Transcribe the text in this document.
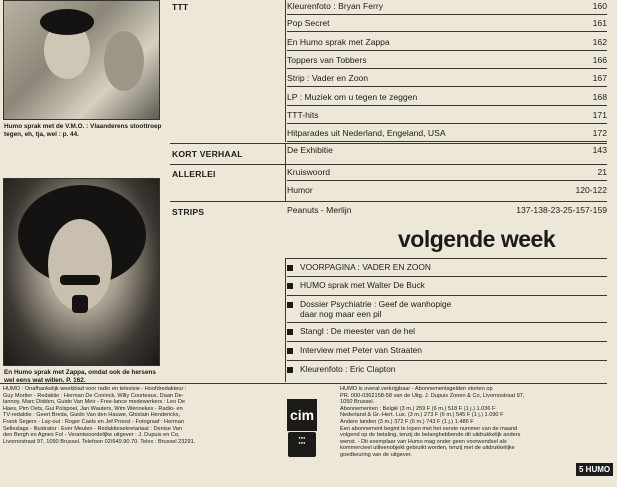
Humo sprak met de V.M.O. : Vlaanderens stoottroep tegen, eh, tja, wel : p. 44.
En Humo sprak met Zappa, omdat ook de hersens wel eens wat willen. P. 162.
TTT	Kleurenfoto : Bryan Ferry	160
Pop Secret	161
En Humo sprak met Zappa	162
Toppers van Tobbers	166
Strip : Vader en Zoon	167
LP : Muziek om u tegen te zeggen	168
TTT-hits	171
Hitparades uit Nederland, Engeland, USA	172
KORT VERHAAL	De Exhibitie	143
ALLERLEI	Kruiswoord	21
Humor	120-122
STRIPS	Peanuts - Merlijn	137-138-23-25-157-159
volgende week
VOORPAGINA : VADER EN ZOON
HUMO sprak met Walter De Buck
Dossier Psychiatrie : Geef de wanhopige
daar nog maar een pil
Stangl : De meester van de hel
Interview met Peter van Straaten
Kleurenfoto : Eric Clapton
HUMO : Onafhankelijk weekblad voor radio en televisie - Hoofdredakteur :
Guy Mortier - Redaktie : Herman De Coninck, Willy Courteaux, Daan De-
lannoy, Marc Didden, Guido Van Meir - Free-lance medewerkers : Leo De
Haes, Pim Oets, Gui Polspoel, Jan Wauters, Wim Wennekes - Radio- en
TV-redaktie : Geert Breda, Guido Van den Hauwe, Ghislain Henderickx,
Frank Segers - Lay-out : Roger Caels en Jef Proost - Fotograaf : Herman
Selleslags - Illustrator : Ever Meulen - Redaktiesekretariaat : Denise Van
den Bergh en Agnes Fol - Verantwoordelijke uitgever : J. Dupuis en Co,
Livornostraat 97, 1050 Brussel. Telefoon 02/649.90.70. Telex : Brussel 23291.
cim
●●●
●●●
HUMO is overal verkrijgbaar - Abonnementsgelden storten op
PR. 000-0362158-58 van de Uitg. J. Dupuis Zonen & Co, Livornostraat 97,
1050 Brussel.
Abonnementen : België (3 m.) 259 F (6 m.) 518 F (1 j.) 1.036 F
Nederland & Gr.-Hert. Lux. (3 m.) 273 F (6 m.) 545 F (1 j.) 1.090 F
Andere landen (3 m.) 372 F (6 m.) 743 F (1 j.) 1.486 F
Een abonnement begint te lopen met het eerste nummer van de maand
volgend op de betaling, tenzij de belanghebbende dit uitdrukkelijk anders
wenst. - Dit exemplaar van Humo mag onder geen voorwendsel als
kommercieel uitleenobjekt gebruikt worden, tenzij met de uitdrukkelijke
goedkeuring van de uitgever.
5 HUMO
